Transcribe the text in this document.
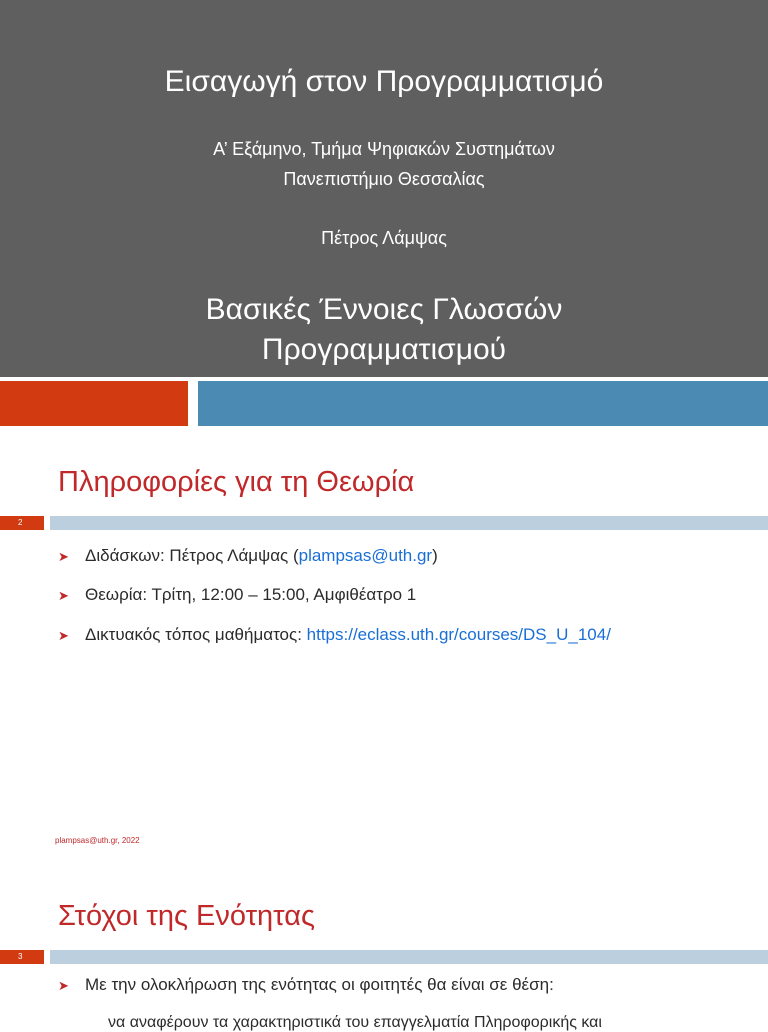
Εισαγωγή στον Προγραμματισμό
Α’ Εξάμηνο, Τμήμα Ψηφιακών Συστημάτων
Πανεπιστήμιο Θεσσαλίας
Πέτρος Λάμψας
Βασικές Έννοιες Γλωσσών
Προγραμματισμού
Πληροφορίες για τη Θεωρία
2
➤ Διδάσκων: Πέτρος Λάμψας (plampsas@uth.gr)
➤ Θεωρία: Τρίτη, 12:00 – 15:00, Αμφιθέατρο 1
➤ Δικτυακός τόπος μαθήματος: https://eclass.uth.gr/courses/DS_U_104/
plampsas@uth.gr, 2022
Στόχοι της Ενότητας
3
➤ Με την ολοκλήρωση της ενότητας οι φοιτητές θα είναι σε θέση:
να αναφέρουν τα χαρακτηριστικά του επαγγελματία Πληροφορικής και
